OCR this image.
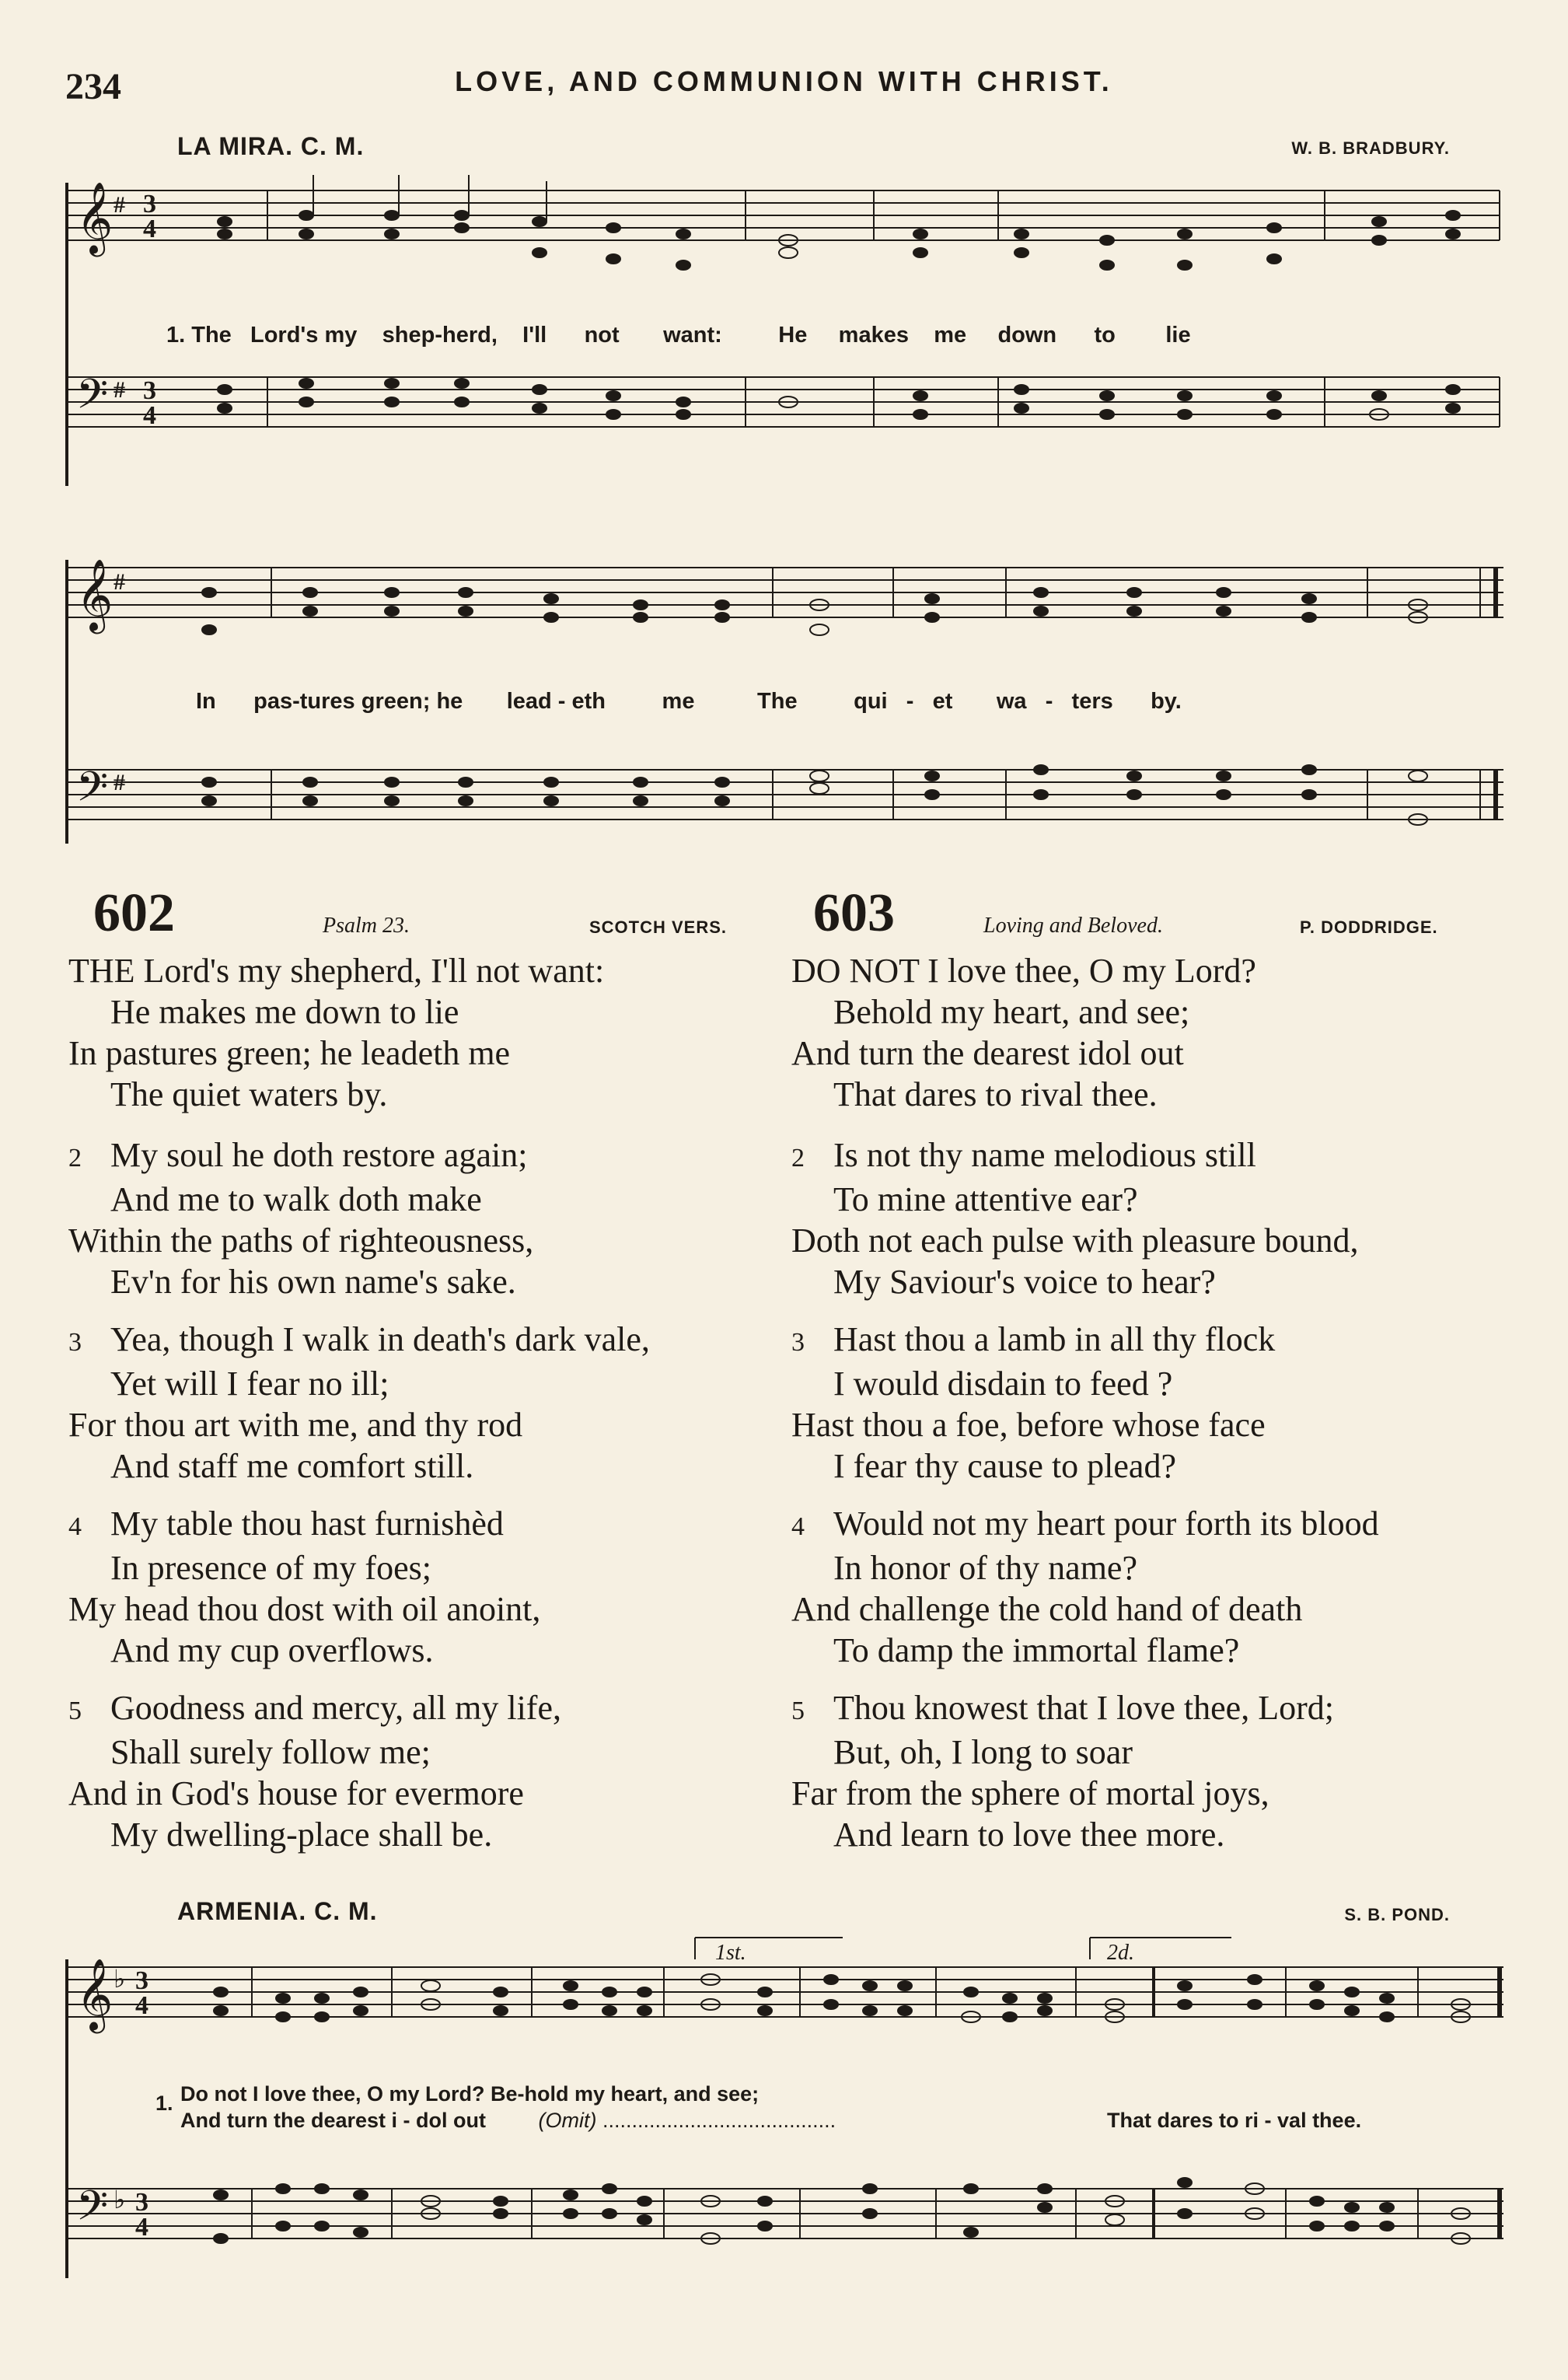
234	LOVE, AND COMMUNION WITH CHRIST.
LA MIRA. C. M.	W. B. BRADBURY.
𝄞
𝄢
#
#
3
4
3
4
1. The Lord's my shep-herd, I'll not want:	He makes me down to lie
𝄞
𝄢
#
#
In pas-tures green; he lead - eth	me	The	qui - et wa - ters by.
602	Psalm 23.	SCOTCH VERS.
THE Lord's my shepherd, I'll not want:
He makes me down to lie
In pastures green; he leadeth me
The quiet waters by.
2 My soul he doth restore again;
And me to walk doth make
Within the paths of righteousness,
Ev'n for his own name's sake.
3 Yea, though I walk in death's dark vale,
Yet will I fear no ill;
For thou art with me, and thy rod
And staff me comfort still.
4 My table thou hast furnishèd
In presence of my foes;
My head thou dost with oil anoint,
And my cup overflows.
5 Goodness and mercy, all my life,
Shall surely follow me;
And in God's house for evermore
My dwelling-place shall be.
603	Loving and Beloved.	P. DODDRIDGE.
DO NOT I love thee, O my Lord?
Behold my heart, and see;
And turn the dearest idol out
That dares to rival thee.
2 Is not thy name melodious still
To mine attentive ear?
Doth not each pulse with pleasure bound,
My Saviour's voice to hear?
3 Hast thou a lamb in all thy flock
I would disdain to feed ?
Hast thou a foe, before whose face
I fear thy cause to plead?
4 Would not my heart pour forth its blood
In honor of thy name?
And challenge the cold hand of death
To damp the immortal flame?
5 Thou knowest that I love thee, Lord;
But, oh, I long to soar
Far from the sphere of mortal joys,
And learn to love thee more.
ARMENIA. C. M.	S. B. POND.
𝄞
𝄢
♭
♭
3
4
3
4
1st.	2d.
1. Do not I love thee, O my Lord? Be-hold my heart, and see;
And turn the dearest i - dol out	(Omit) ........................................	That dares to ri - val thee.
